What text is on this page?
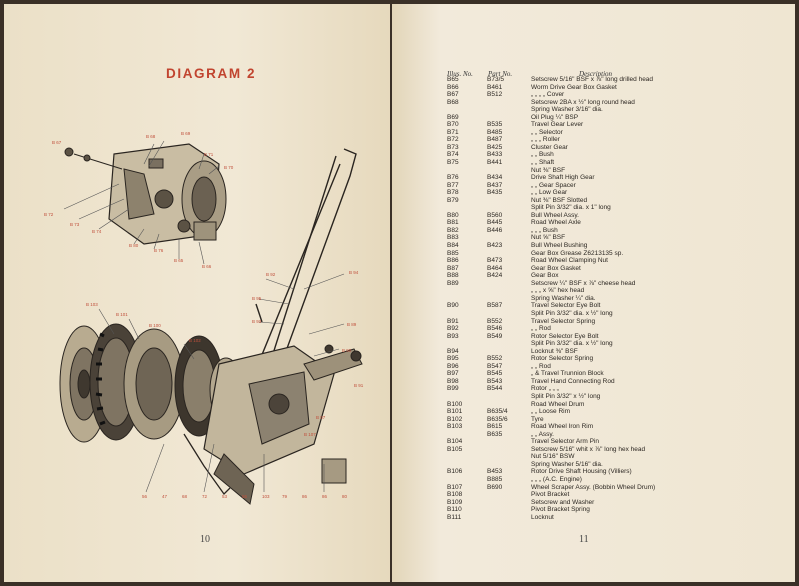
DIAGRAM 2
B 67
B 68
B 69
B 71
B 70
B 72
B 73
B 74
B 80
B 76
B 65
B 66
B 92	B 94
B 95
B 93
B 89
B 90
B 91
B 97
B 103
B 101
B 100
B 102
B 107
56	47	68	72	53	55	103	79	86	86	80
10
Illus. No. Part No.	Description
B65	B73/5	Setscrew 5/16" BSF x ⅞" long drilled head
B66	B461	Worm Drive Gear Box Gasket
B67	B512	„ „ „ „ Cover
B68	Setscrew 2BA x ½" long round head
Spring Washer 3/16" dia.
B69	Oil Plug ¼" BSP
B70	B535	Travel Gear Lever
B71	B485	„ „ Selector
B72	B487	„ „ „ Roller
B73	B425	Cluster Gear
B74	B433	„ „ Bush
B75	B441	„ „ Shaft
Nut ⅜" BSF
B76	B434	Drive Shaft High Gear
B77	B437	„ „ Gear Spacer
B78	B435	„ „ Low Gear
B79	Nut ⅜" BSF Slotted
Split Pin 3/32" dia. x 1" long
B80	B560	Bull Wheel Assy.
B81	B445	Road Wheel Axle
B82	B446	„ „ „ Bush
B83	Nut ⅝" BSF
B84	B423	Bull Wheel Bushing
B85	Gear Box Grease Z6213135 sp.
B86	B473	Road Wheel Clamping Nut
B87	B464	Gear Box Gasket
B88	B424	Gear Box
B89	Setscrew ¼" BSF x ⅞" cheese head
„ „ „ x ⅝" hex head
Spring Washer ¼" dia.
B90	B587	Travel Selector Eye Bolt
Split Pin 3/32" dia. x ½" long
B91	B552	Travel Selector Spring
B92	B546	„ „ Rod
B93	B549	Rotor Selector Eye Bolt
Split Pin 3/32" dia. x ½" long
B94	Locknut ⅜" BSF
B95	B552	Rotor Selector Spring
B96	B547	„ „ Rod
B97	B545	„ & Travel Trunnion Block
B98	B543	Travel Hand Connecting Rod
B99	B544	Rotor „ „ „
Split Pin 3/32" x ½" long
B100	Road Wheel Drum
B101	B635/4	„ „ Loose Rim
B102	B635/6	Tyre
B103	B615	Road Wheel Iron Rim
B635	„ „ Assy.
B104	Travel Selector Arm Pin
B105	Setscrew 5/16" whit x ⅞" long hex head
Nut 5/16" BSW
Spring Washer 5/16" dia.
B106	B453	Rotor Drive Shaft Housing (Villiers)
B885	„ „ „ (A.C. Engine)
B107	B690	Wheel Scraper Assy. (Bobbin Wheel Drum)
B108	Pivot Bracket
B109	Setscrew and Washer
B110	Pivot Bracket Spring
B111	Locknut
11
